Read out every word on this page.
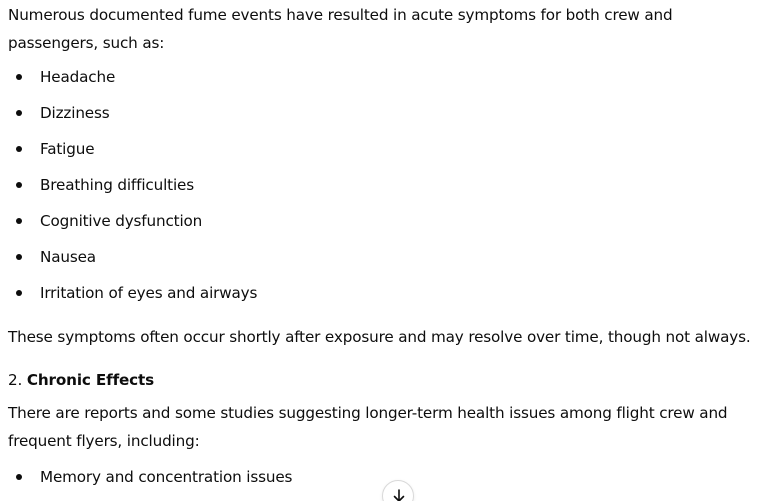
Numerous documented fume events have resulted in acute symptoms for both crew and passengers, such as:

Headache
Dizziness
Fatigue
Breathing difficulties
Cognitive dysfunction
Nausea
Irritation of eyes and airways

These symptoms often occur shortly after exposure and may resolve over time, though not always.

2. Chronic Effects

There are reports and some studies suggesting longer-term health issues among flight crew and frequent flyers, including:

Memory and concentration issues
